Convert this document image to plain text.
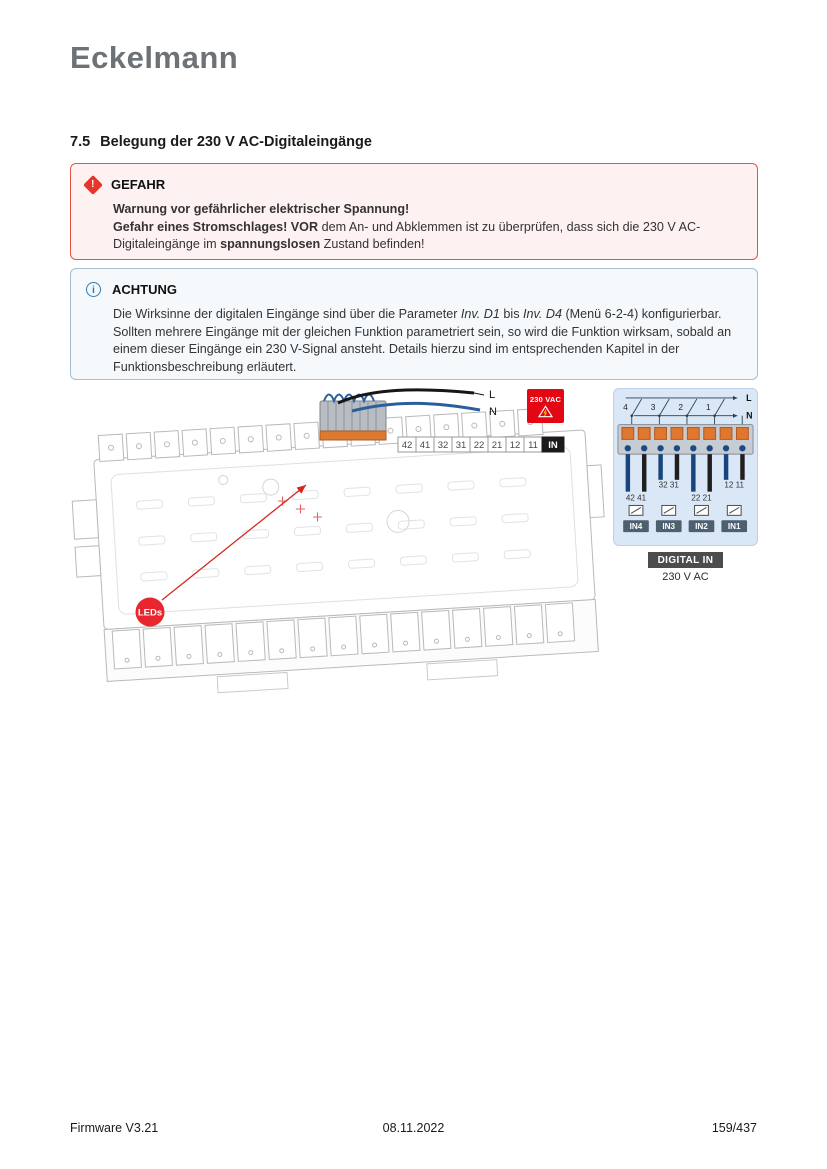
Eckelmann
7.5 Belegung der 230 V AC-Digitaleingänge
! GEFAHR
Warnung vor gefährlicher elektrischer Spannung!
Gefahr eines Stromschlages! VOR dem An- und Abklemmen ist zu überprüfen, dass sich die 230 V AC-Digitaleingänge im spannungslosen Zustand befinden!
i	ACHTUNG
Die Wirksinne der digitalen Eingänge sind über die Parameter Inv. D1 bis Inv. D4 (Menü 6-2-4) konfigurierbar. Sollten mehrere Eingänge mit der gleichen Funktion parametriert sein, so wird die Funktion wirksam, sobald an einem dieser Eingänge ein 230 V-Signal ansteht. Details hierzu sind im entsprechenden Kapitel in der Funktionsbeschreibung erläutert.
LEDs
L
N
42 41 32 31 22 21 12 11 IN
230 VAC
4	3	2	1
L
N
42 41
32 31
22 21
12 11
IN4 IN3 IN2 IN1
DIGITAL IN
230 V AC
Firmware V3.21	08.11.2022	159/437
